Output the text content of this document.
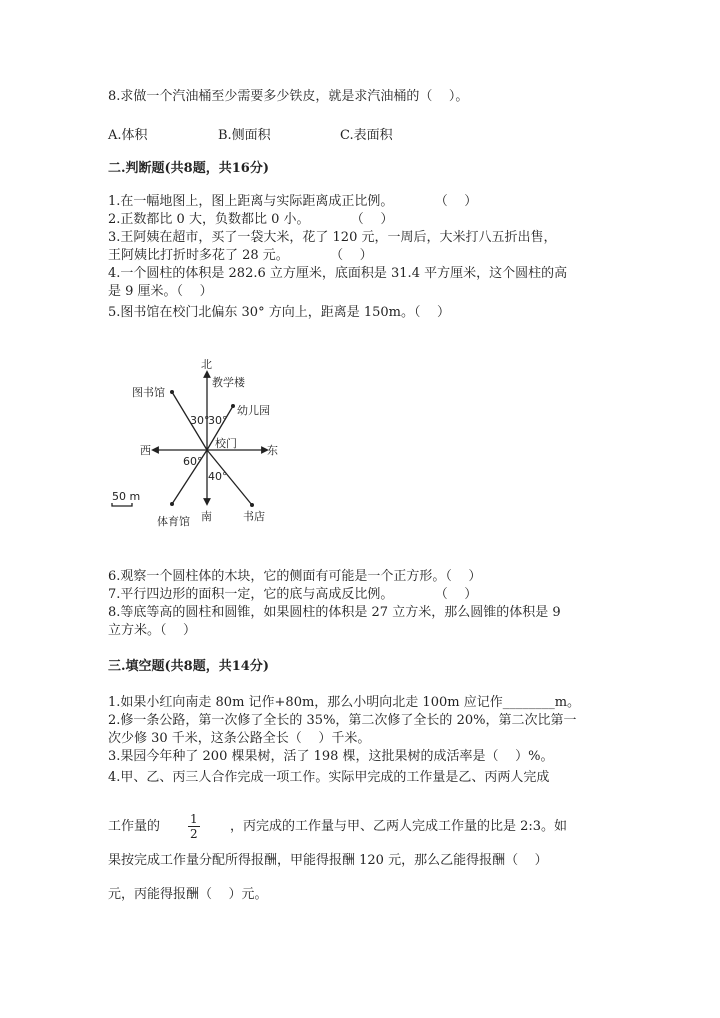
8.求做一个汽油桶至少需要多少铁皮，就是求汽油桶的（    ）。
A.体积	B.侧面积	C.表面积
二.判断题(共8题，共16分)
1.在一幅地图上，图上距离与实际距离成正比例。          （    ）
2.正数都比 0 大，负数都比 0 小。          （    ）
3.王阿姨在超市，买了一袋大米，花了 120 元，一周后，大米打八五折出售，
王阿姨比打折时多花了 28 元。          （    ）
4.一个圆柱的体积是 282.6 立方厘米，底面积是 31.4 平方厘米，这个圆柱的高
是 9 厘米。（    ）
5.图书馆在校门北偏东 30° 方向上，距离是 150m。（    ）
北
教学楼
图书馆
幼儿园
30°
30°
校门
西	东
60°
40°
50 m
体育馆 南	书店
6.观察一个圆柱体的木块，它的侧面有可能是一个正方形。（    ）
7.平行四边形的面积一定，它的底与高成反比例。          （    ）
8.等底等高的圆柱和圆锥，如果圆柱的体积是 27 立方米，那么圆锥的体积是 9
立方米。（    ）
三.填空题(共8题，共14分)
1.如果小红向南走 80m 记作+80m，那么小明向北走 100m 应记作________m。
2.修一条公路，第一次修了全长的 35%，第二次修了全长的 20%，第二次比第一
次少修 30 千米，这条公路全长（    ）千米。
3.果园今年种了 200 棵果树，活了 198 棵，这批果树的成活率是（    ）%。
4.甲、乙、丙三人合作完成一项工作。实际甲完成的工作量是乙、丙两人完成
工作量的 $\frac{1}{2}$ ，丙完成的工作量与甲、乙两人完成工作量的比是 2:3。如
果按完成工作量分配所得报酬，甲能得报酬 120 元，那么乙能得报酬（    ）
元，丙能得报酬（    ）元。
